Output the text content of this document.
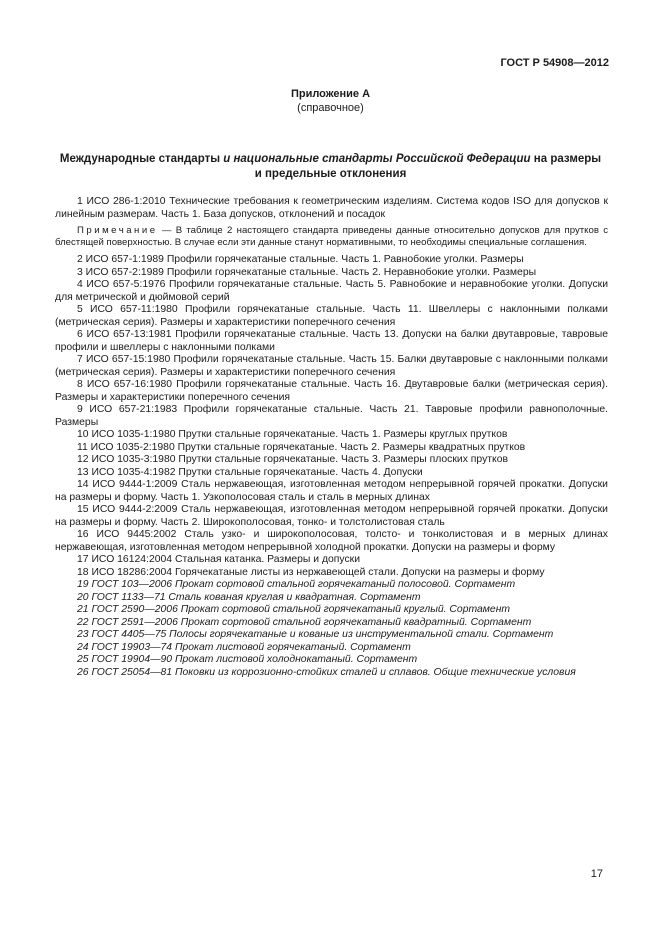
ГОСТ Р 54908—2012
Приложение А
(справочное)
Международные стандарты и национальные стандарты Российской Федерации на размеры
и предельные отклонения

1 ИСО 286-1:2010 Технические требования к геометрическим изделиям. Система кодов ISO для допусков к линейным размерам. Часть 1. База допусков, отклонений и посадок

Примечание — В таблице 2 настоящего стандарта приведены данные относительно допусков для прутков с блестящей поверхностью. В случае если эти данные станут нормативными, то необходимы специальные соглашения.

2 ИСО 657-1:1989 Профили горячекатаные стальные. Часть 1. Равнобокие уголки. Размеры

3 ИСО 657-2:1989 Профили горячекатаные стальные. Часть 2. Неравнобокие уголки. Размеры

4 ИСО 657-5:1976 Профили горячекатаные стальные. Часть 5. Равнобокие и неравнобокие уголки. Допуски для метрической и дюймовой серий

5 ИСО 657-11:1980 Профили горячекатаные стальные. Часть 11. Швеллеры с наклонными полками (метрическая серия). Размеры и характеристики поперечного сечения

6 ИСО 657-13:1981 Профили горячекатаные стальные. Часть 13. Допуски на балки двутавровые, тавровые профили и швеллеры с наклонными полками

7 ИСО 657-15:1980 Профили горячекатаные стальные. Часть 15. Балки двутавровые с наклонными полками (метрическая серия). Размеры и характеристики поперечного сечения

8 ИСО 657-16:1980 Профили горячекатаные стальные. Часть 16. Двутавровые балки (метрическая серия). Размеры и характеристики поперечного сечения

9 ИСО 657-21:1983 Профили горячекатаные стальные. Часть 21. Тавровые профили равнополочные. Размеры

10 ИСО 1035-1:1980 Прутки стальные горячекатаные. Часть 1. Размеры круглых прутков

11 ИСО 1035-2:1980 Прутки стальные горячекатаные. Часть 2. Размеры квадратных прутков

12 ИСО 1035-3:1980 Прутки стальные горячекатаные. Часть 3. Размеры плоских прутков

13 ИСО 1035-4:1982 Прутки стальные горячекатаные. Часть 4. Допуски

14 ИСО 9444-1:2009 Сталь нержавеющая, изготовленная методом непрерывной горячей прокатки. Допуски на размеры и форму. Часть 1. Узкополосовая сталь и сталь в мерных длинах

15 ИСО 9444-2:2009 Сталь нержавеющая, изготовленная методом непрерывной горячей прокатки. Допуски на размеры и форму. Часть 2. Широкополосовая, тонко- и толстолистовая сталь

16 ИСО 9445:2002 Сталь узко- и широкополосовая, толсто- и тонколистовая и в мерных длинах нержавеющая, изготовленная методом непрерывной холодной прокатки. Допуски на размеры и форму

17 ИСО 16124:2004 Стальная катанка. Размеры и допуски

18 ИСО 18286:2004 Горячекатаные листы из нержавеющей стали. Допуски на размеры и форму

19 ГОСТ 103—2006 Прокат сортовой стальной горячекатаный полосовой. Сортамент

20 ГОСТ 1133—71 Сталь кованая круглая и квадратная. Сортамент

21 ГОСТ 2590—2006 Прокат сортовой стальной горячекатаный круглый. Сортамент

22 ГОСТ 2591—2006 Прокат сортовой стальной горячекатаный квадратный. Сортамент

23 ГОСТ 4405—75 Полосы горячекатаные и кованые из инструментальной стали. Сортамент

24 ГОСТ 19903—74 Прокат листовой горячекатаный. Сортамент

25 ГОСТ 19904—90 Прокат листовой холоднокатаный. Сортамент

26 ГОСТ 25054—81 Поковки из коррозионно-стойких сталей и сплавов. Общие технические условия

17
